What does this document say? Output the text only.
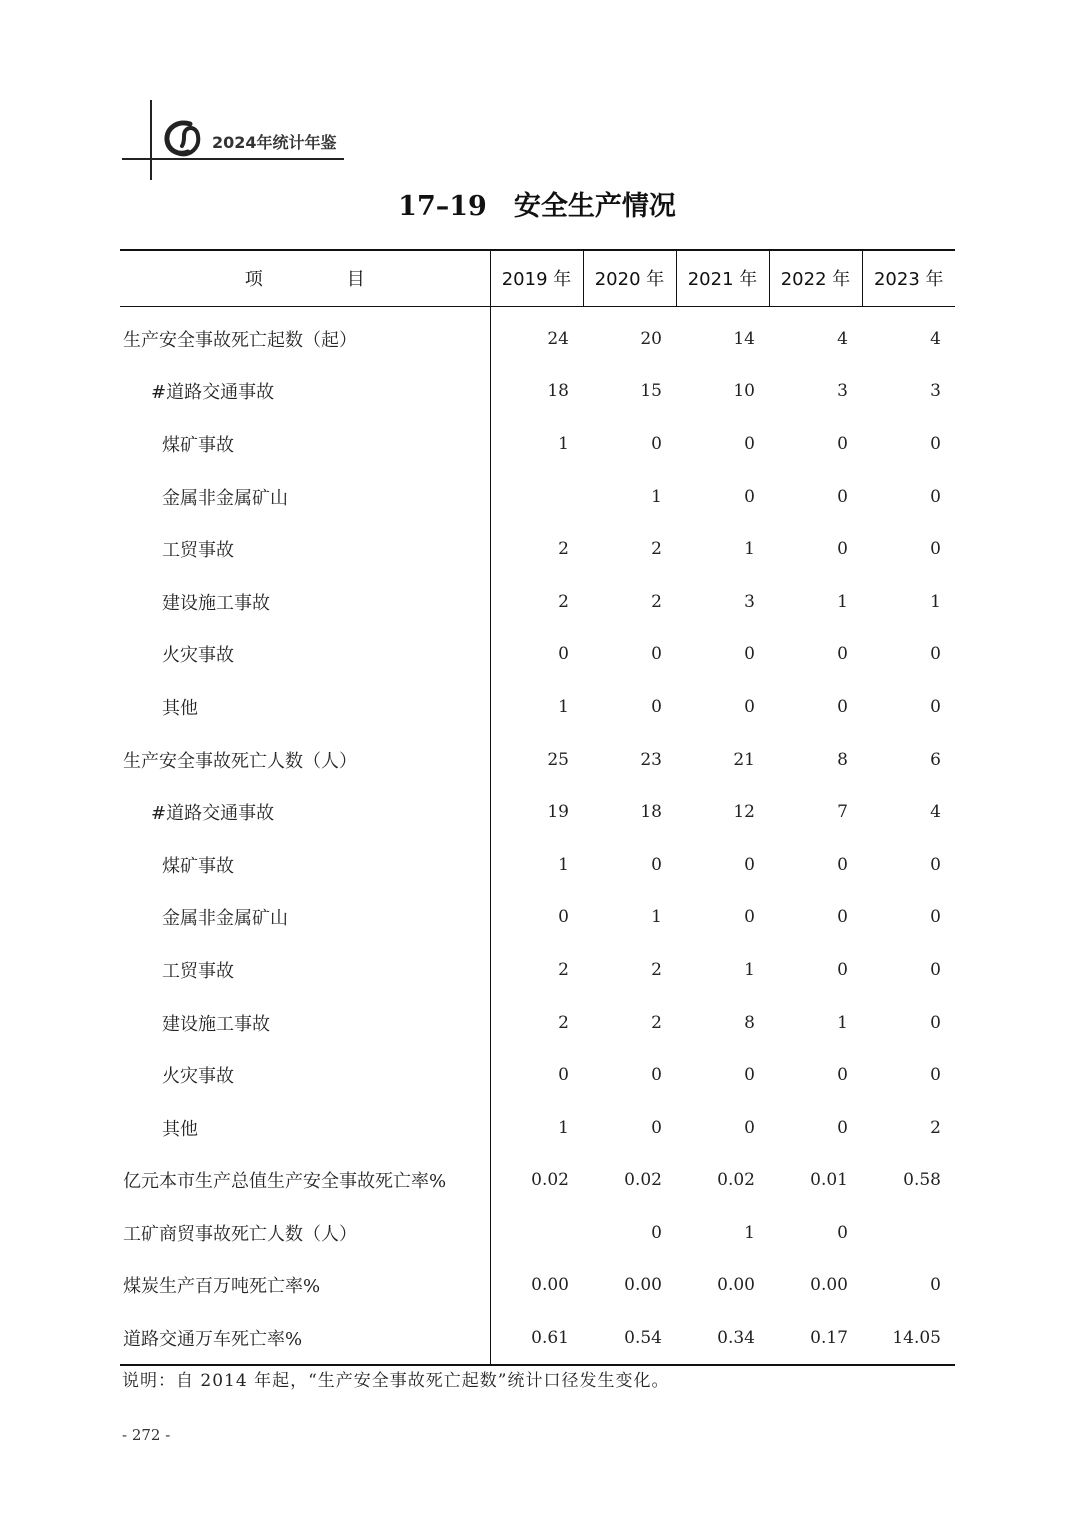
2024年统计年鉴
17–19　安全生产情况
项　　目	2019 年	2020 年	2021 年	2022 年	2023 年
生产安全事故死亡起数（起）	24	20	14	4	4
#道路交通事故	18	15	10	3	3
煤矿事故	1	0	0	0	0
金属非金属矿山		1	0	0	0
工贸事故	2	2	1	0	0
建设施工事故	2	2	3	1	1
火灾事故	0	0	0	0	0
其他	1	0	0	0	0
生产安全事故死亡人数（人）	25	23	21	8	6
#道路交通事故	19	18	12	7	4
煤矿事故	1	0	0	0	0
金属非金属矿山	0	1	0	0	0
工贸事故	2	2	1	0	0
建设施工事故	2	2	8	1	0
火灾事故	0	0	0	0	0
其他	1	0	0	0	2
亿元本市生产总值生产安全事故死亡率%	0.02	0.02	0.02	0.01	0.58
工矿商贸事故死亡人数（人）		0	1	0	
煤炭生产百万吨死亡率%	0.00	0.00	0.00	0.00	0
道路交通万车死亡率%	0.61	0.54	0.34	0.17	14.05
说明：自 2014 年起，“生产安全事故死亡起数”统计口径发生变化。
- 272 -
